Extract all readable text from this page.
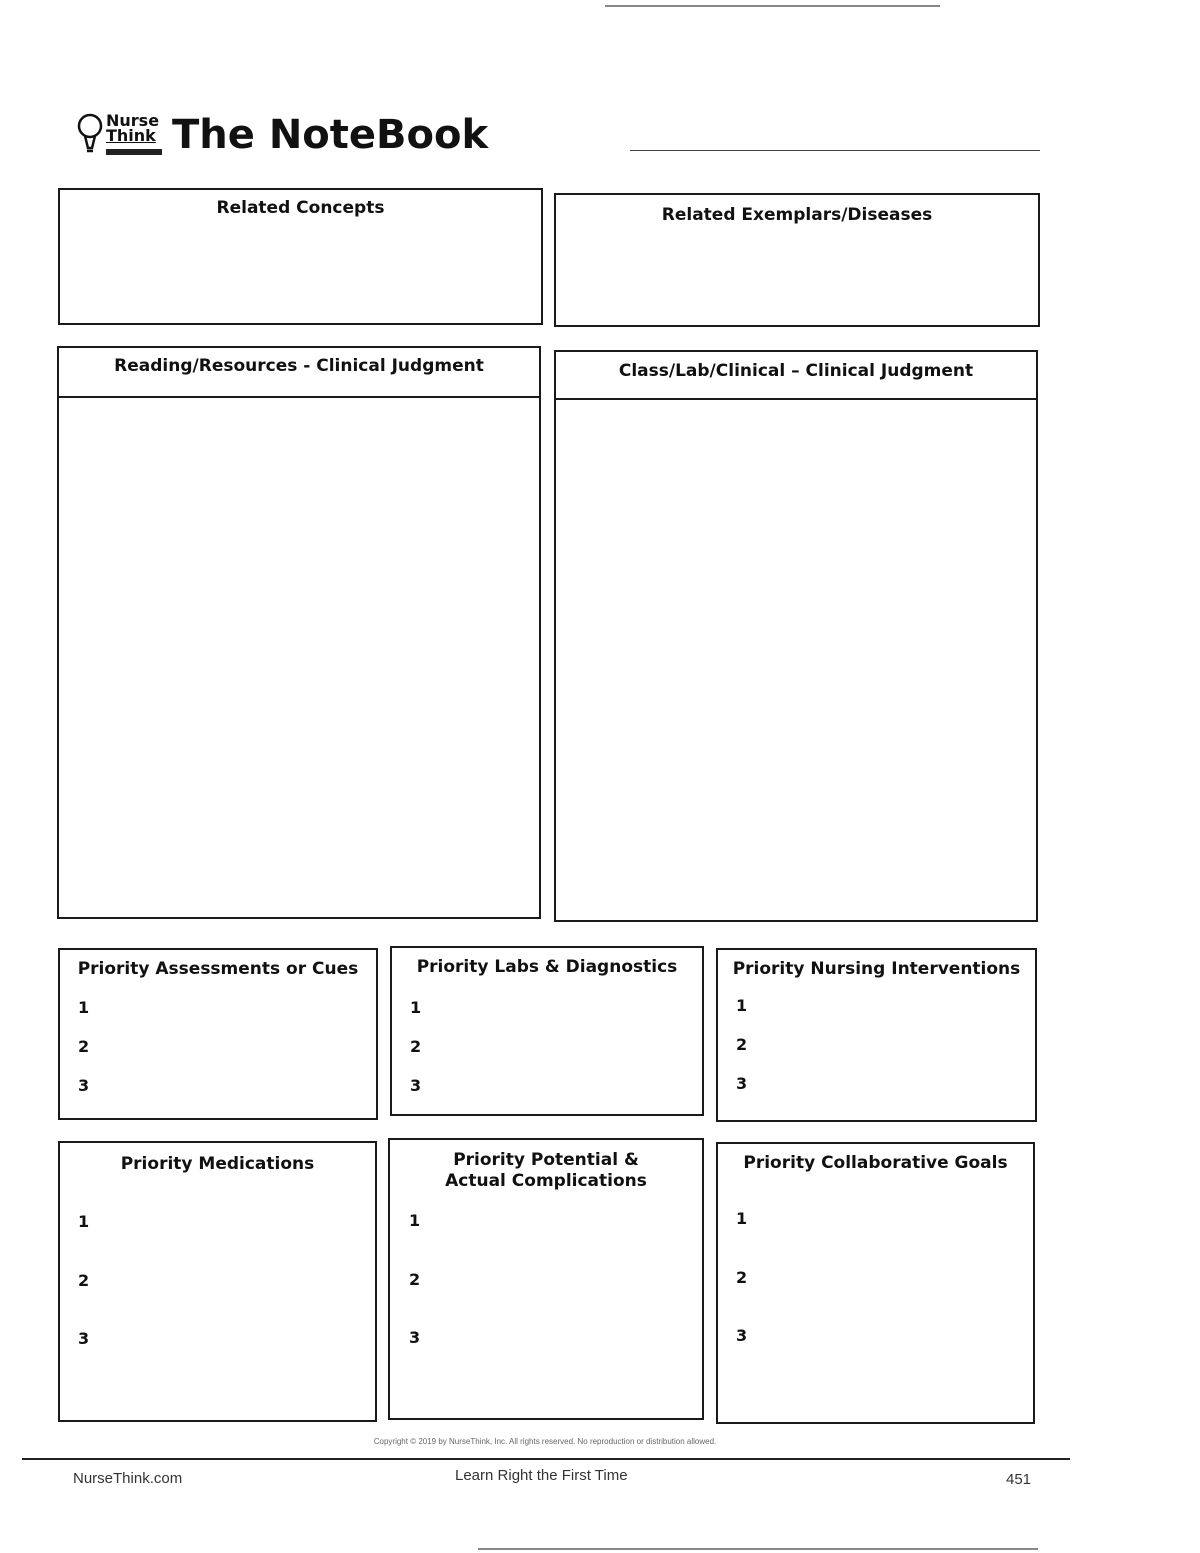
Nurse
Think The NoteBook
Related Concepts	Related Exemplars/Diseases
Reading/Resources - Clinical Judgment	Class/Lab/Clinical – Clinical Judgment
Priority Assessments or Cues
1
2
3
Priority Labs & Diagnostics
1
2
3
Priority Nursing Interventions
1
2
3
Priority Medications
1
2
3
Priority Potential &
Actual Complications
1
2
3
Priority Collaborative Goals
1
2
3
Copyright © 2019 by NurseThink, Inc. All rights reserved. No reproduction or distribution allowed.
NurseThink.com	Learn Right the First Time	451
